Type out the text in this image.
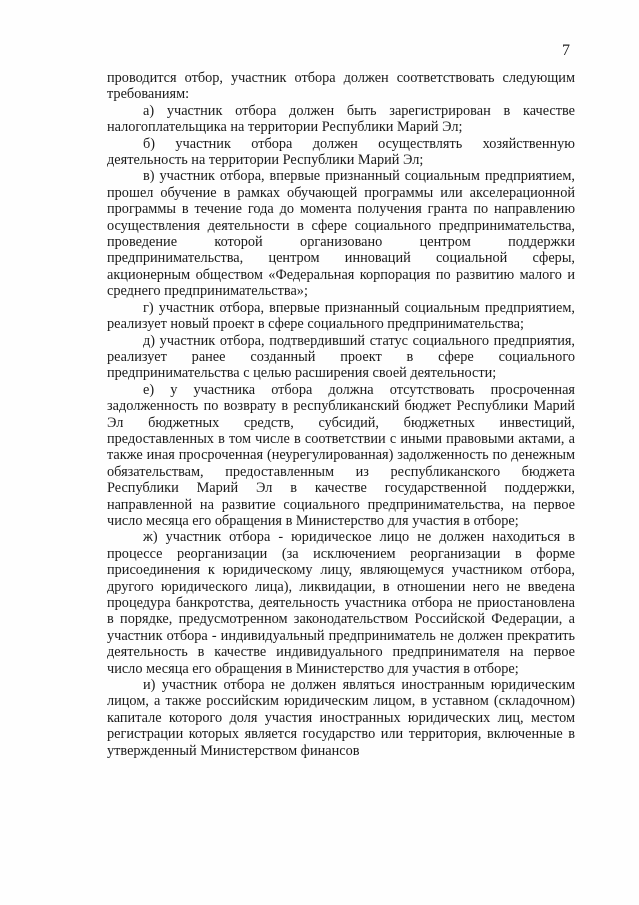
7

проводится отбор, участник отбора должен соответствовать следующим требованиям:

а) участник отбора должен быть зарегистрирован в качестве налогоплательщика на территории Республики Марий Эл;

б) участник отбора должен осуществлять хозяйственную деятельность на территории Республики Марий Эл;

в) участник отбора, впервые признанный социальным предприятием, прошел обучение в рамках обучающей программы или акселерационной программы в течение года до момента получения гранта по направлению осуществления деятельности в сфере социального предпринимательства, проведение которой организовано центром поддержки предпринимательства, центром инноваций социальной сферы, акционерным обществом «Федеральная корпорация по развитию малого и среднего предпринимательства»;

г) участник отбора, впервые признанный социальным предприятием, реализует новый проект в сфере социального предпринимательства;

д) участник отбора, подтвердивший статус социального предприятия, реализует ранее созданный проект в сфере социального предпринимательства с целью расширения своей деятельности;

е) у участника отбора должна отсутствовать просроченная задолженность по возврату в республиканский бюджет Республики Марий Эл бюджетных средств, субсидий, бюджетных инвестиций, предоставленных в том числе в соответствии с иными правовыми актами, а также иная просроченная (неурегулированная) задолженность по денежным обязательствам, предоставленным из республиканского бюджета Республики Марий Эл в качестве государственной поддержки, направленной на развитие социального предпринимательства, на первое число месяца его обращения в Министерство для участия в отборе;

ж) участник отбора - юридическое лицо не должен находиться в процессе реорганизации (за исключением реорганизации в форме присоединения к юридическому лицу, являющемуся участником отбора, другого юридического лица), ликвидации, в отношении него не введена процедура банкротства, деятельность участника отбора не приостановлена в порядке, предусмотренном законодательством Российской Федерации, а участник отбора - индивидуальный предприниматель не должен прекратить деятельность в качестве индивидуального предпринимателя на первое число месяца его обращения в Министерство для участия в отборе;

и) участник отбора не должен являться иностранным юридическим лицом, а также российским юридическим лицом, в уставном (складочном) капитале которого доля участия иностранных юридических лиц, местом регистрации которых является государство или территория, включенные в утвержденный Министерством финансов
